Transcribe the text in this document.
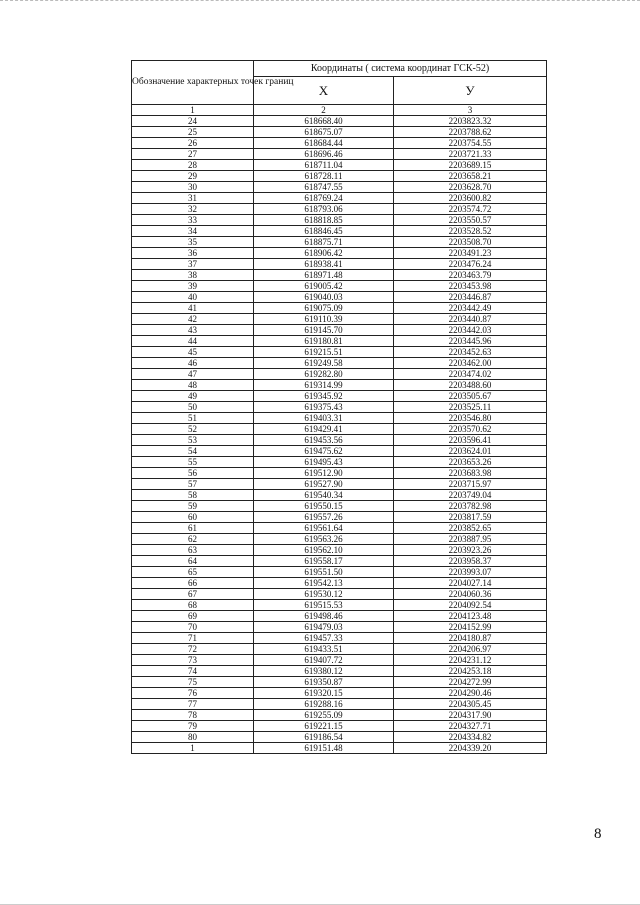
Обозначение характерных точек границ	Координаты ( система координат ГСК-52)	
	X	У
1	2	3
24	618668.40	2203823.32
25	618675.07	2203788.62
26	618684.44	2203754.55
27	618696.46	2203721.33
28	618711.04	2203689.15
29	618728.11	2203658.21
30	618747.55	2203628.70
31	618769.24	2203600.82
32	618793.06	2203574.72
33	618818.85	2203550.57
34	618846.45	2203528.52
35	618875.71	2203508.70
36	618906.42	2203491.23
37	618938.41	2203476.24
38	618971.48	2203463.79
39	619005.42	2203453.98
40	619040.03	2203446.87
41	619075.09	2203442.49
42	619110.39	2203440.87
43	619145.70	2203442.03
44	619180.81	2203445.96
45	619215.51	2203452.63
46	619249.58	2203462.00
47	619282.80	2203474.02
48	619314.99	2203488.60
49	619345.92	2203505.67
50	619375.43	2203525.11
51	619403.31	2203546.80
52	619429.41	2203570.62
53	619453.56	2203596.41
54	619475.62	2203624.01
55	619495.43	2203653.26
56	619512.90	2203683.98
57	619527.90	2203715.97
58	619540.34	2203749.04
59	619550.15	2203782.98
60	619557.26	2203817.59
61	619561.64	2203852.65
62	619563.26	2203887.95
63	619562.10	2203923.26
64	619558.17	2203958.37
65	619551.50	2203993.07
66	619542.13	2204027.14
67	619530.12	2204060.36
68	619515.53	2204092.54
69	619498.46	2204123.48
70	619479.03	2204152.99
71	619457.33	2204180.87
72	619433.51	2204206.97
73	619407.72	2204231.12
74	619380.12	2204253.18
75	619350.87	2204272.99
76	619320.15	2204290.46
77	619288.16	2204305.45
78	619255.09	2204317.90
79	619221.15	2204327.71
80	619186.54	2204334.82
1	619151.48	2204339.20
8
